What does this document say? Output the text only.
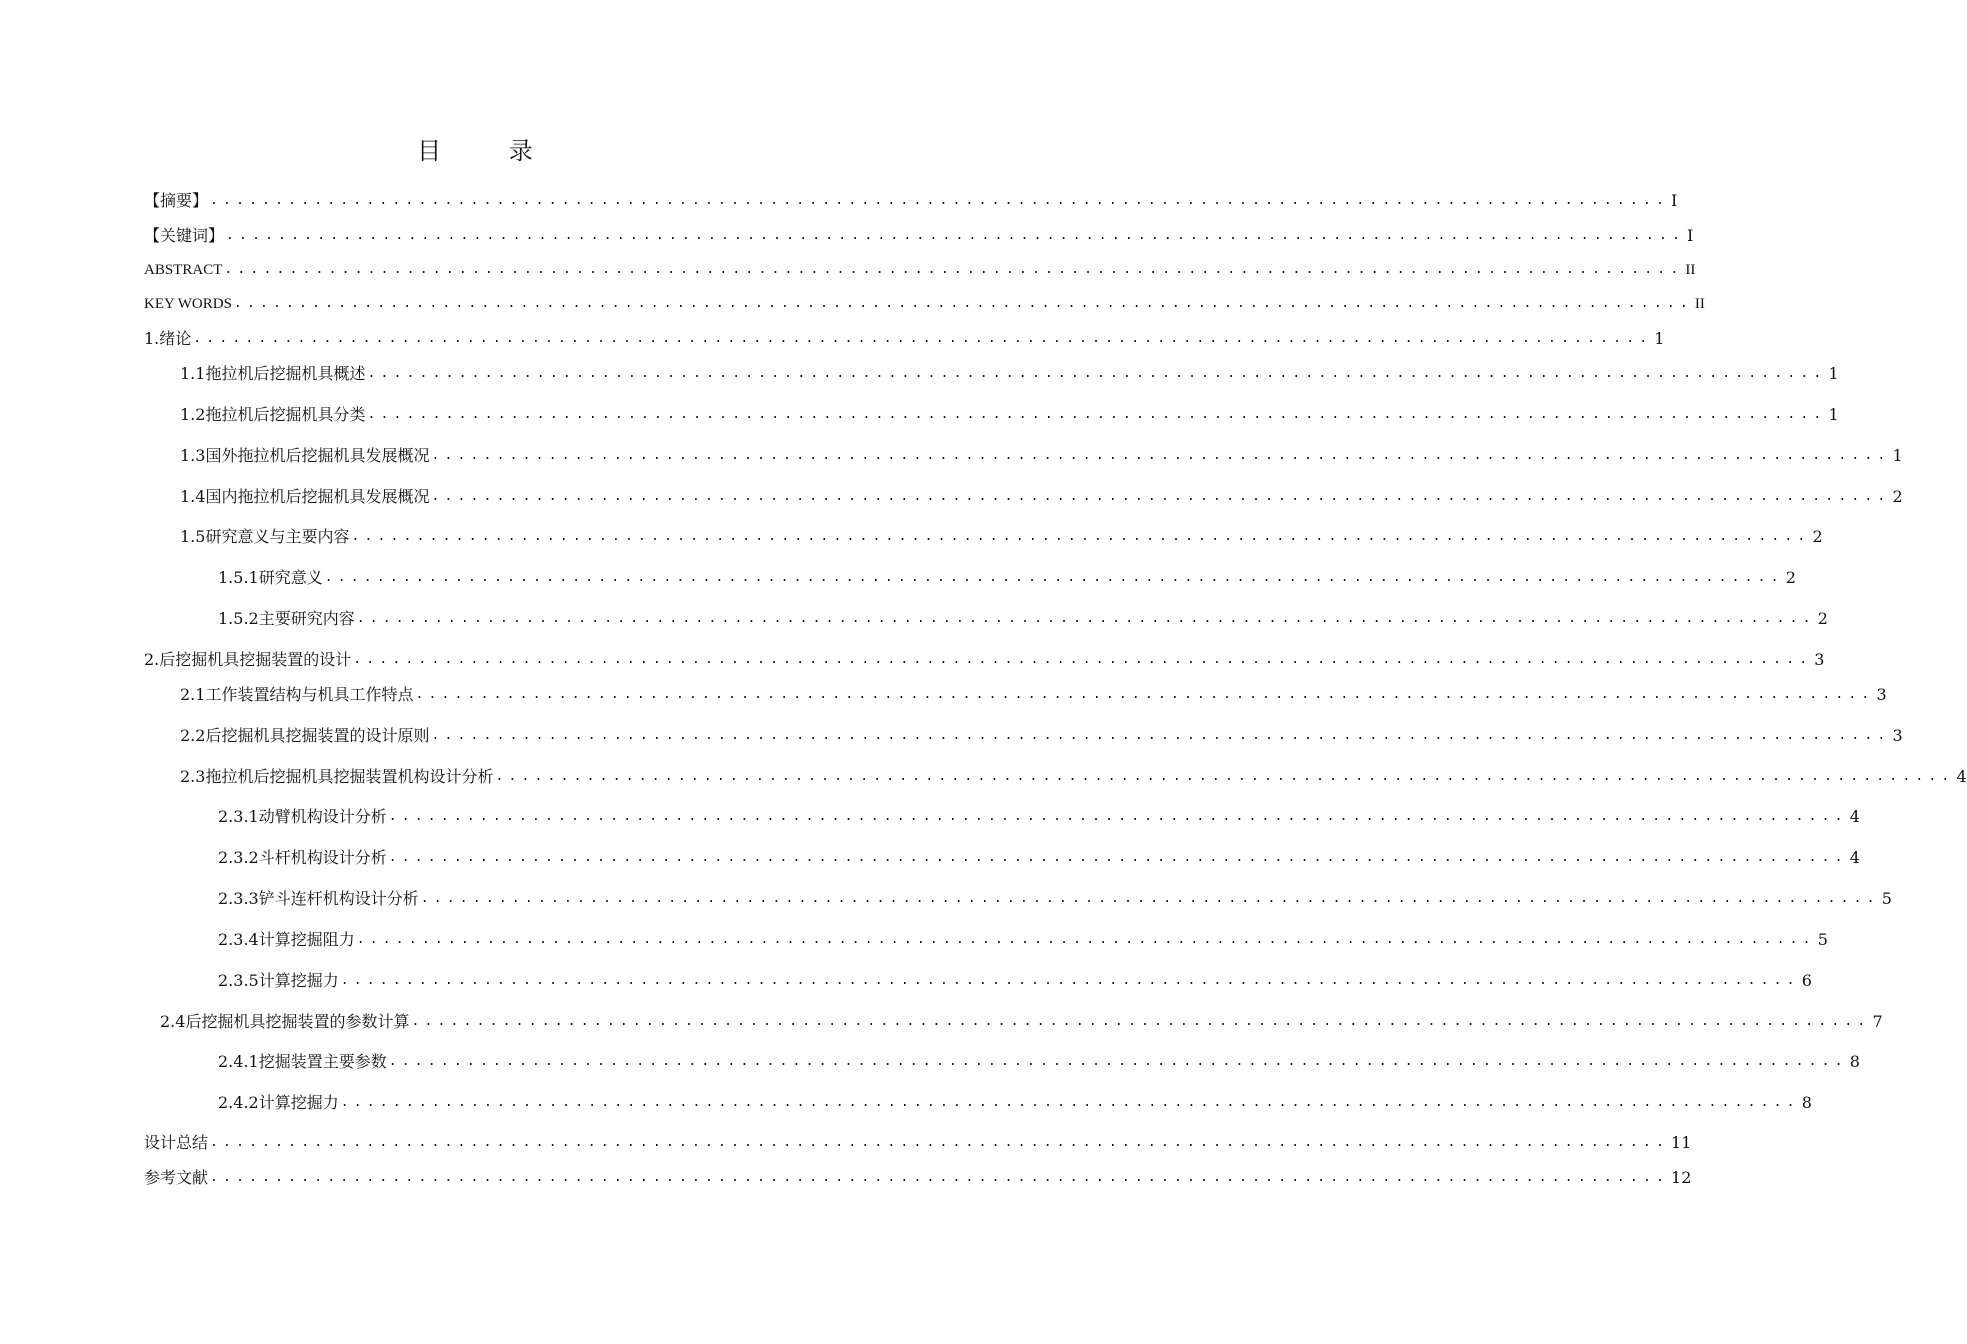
目 录
【摘要】 ................................................................................................................ I
【关键词】 ................................................................................................................ I
ABSTRACT ................................................................................................................ II
KEY WORDS ................................................................................................................ II
1.绪论 ................................................................................................................ 1
1.1拖拉机后挖掘机具概述 ................................................................................................................ 1
1.2拖拉机后挖掘机具分类 ................................................................................................................ 1
1.3国外拖拉机后挖掘机具发展概况 ................................................................................................................ 1
1.4国内拖拉机后挖掘机具发展概况 ................................................................................................................ 2
1.5研究意义与主要内容 ................................................................................................................ 2
1.5.1研究意义 ................................................................................................................ 2
1.5.2主要研究内容 ................................................................................................................ 2
2.后挖掘机具挖掘装置的设计 ................................................................................................................ 3
2.1工作装置结构与机具工作特点 ................................................................................................................ 3
2.2后挖掘机具挖掘装置的设计原则 ................................................................................................................ 3
2.3拖拉机后挖掘机具挖掘装置机构设计分析 ................................................................................................................ 4
2.3.1动臂机构设计分析 ................................................................................................................ 4
2.3.2斗杆机构设计分析 ................................................................................................................ 4
2.3.3铲斗连杆机构设计分析 ................................................................................................................ 5
2.3.4计算挖掘阻力 ................................................................................................................ 5
2.3.5计算挖掘力 ................................................................................................................ 6
2.4后挖掘机具挖掘装置的参数计算 ................................................................................................................ 7
2.4.1挖掘装置主要参数 ................................................................................................................ 8
2.4.2计算挖掘力 ................................................................................................................ 8
设计总结 ................................................................................................................ 11
参考文献 ................................................................................................................ 12
